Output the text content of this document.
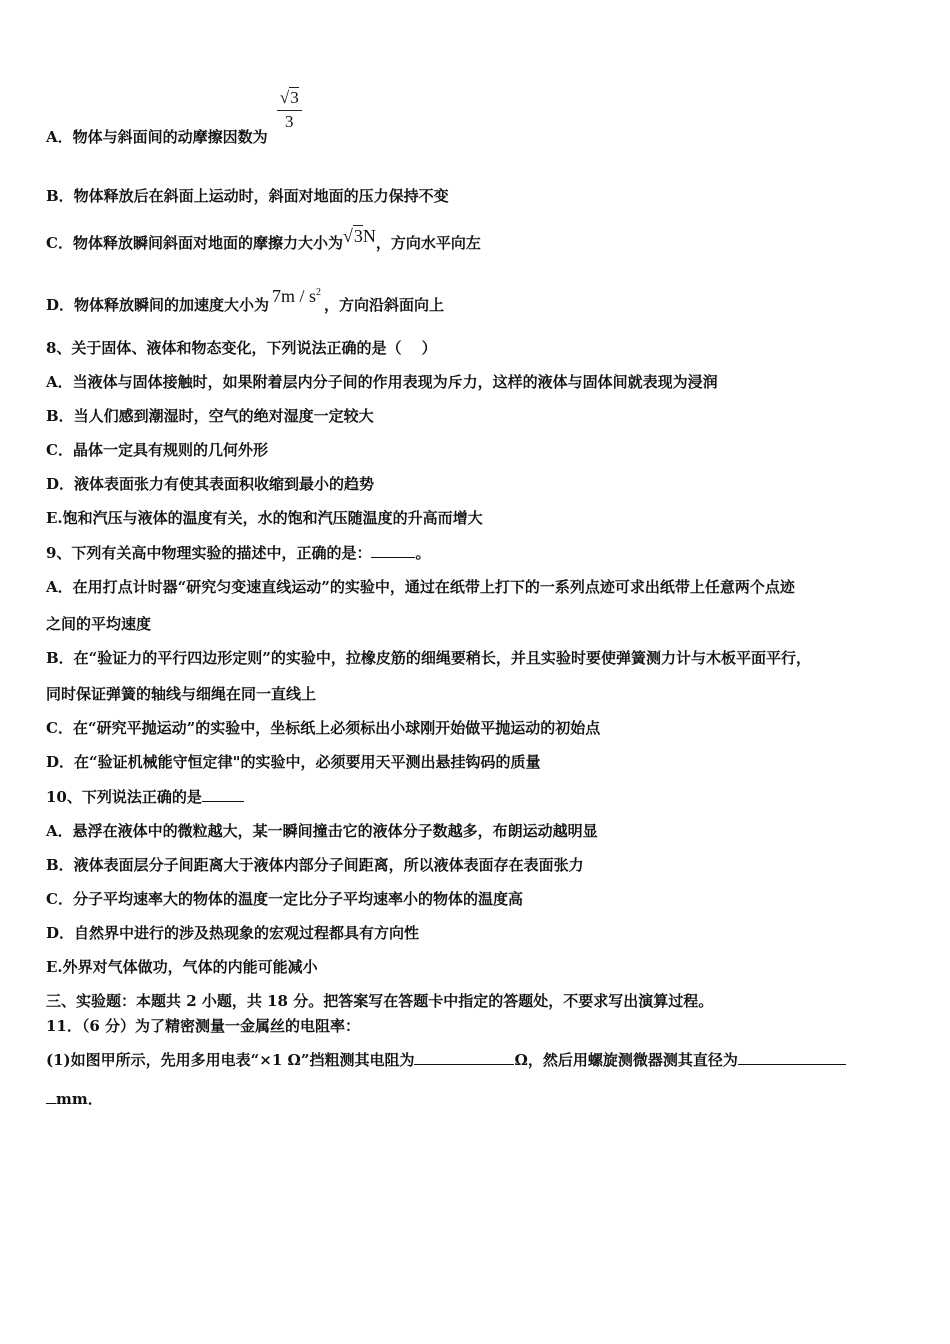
A．物体与斜面间的动摩擦因数为
$\frac{√3}{3}$
B．物体释放后在斜面上运动时，斜面对地面的压力保持不变
C．物体释放瞬间斜面对地面的摩擦力大小为√3N，方向水平向左
D．物体释放瞬间的加速度大小为 $7m / s^2$，方向沿斜面向上
8、关于固体、液体和物态变化，下列说法正确的是（　 ）
A．当液体与固体接触时，如果附着层内分子间的作用表现为斥力，这样的液体与固体间就表现为浸润
B．当人们感到潮湿时，空气的绝对湿度一定较大
C．晶体一定具有规则的几何外形
D．液体表面张力有使其表面积收缩到最小的趋势
E.饱和汽压与液体的温度有关，水的饱和汽压随温度的升高而增大
9、下列有关高中物理实验的描述中，正确的是：	。
A．在用打点计时器“研究匀变速直线运动”的实验中，通过在纸带上打下的一系列点迹可求出纸带上任意两个点迹
之间的平均速度
B．在“验证力的平行四边形定则”的实验中，拉橡皮筋的细绳要稍长，并且实验时要使弹簧测力计与木板平面平行，
同时保证弹簧的轴线与细绳在同一直线上
C．在“研究平抛运动”的实验中，坐标纸上必须标出小球刚开始做平抛运动的初始点
D．在“验证机械能守恒定律"的实验中，必须要用天平测出悬挂钩码的质量
10、下列说法正确的是
A．悬浮在液体中的微粒越大，某一瞬间撞击它的液体分子数越多，布朗运动越明显
B．液体表面层分子间距离大于液体内部分子间距离，所以液体表面存在表面张力
C．分子平均速率大的物体的温度一定比分子平均速率小的物体的温度高
D．自然界中进行的涉及热现象的宏观过程都具有方向性
E.外界对气体做功，气体的内能可能减小
三、实验题：本题共 2 小题，共 18 分。把答案写在答题卡中指定的答题处，不要求写出演算过程。
11．（6 分）为了精密测量一金属丝的电阻率：
(1)如图甲所示，先用多用电表“×1 Ω”挡粗测其电阻为	Ω，然后用螺旋测微器测其直径为
mm．
